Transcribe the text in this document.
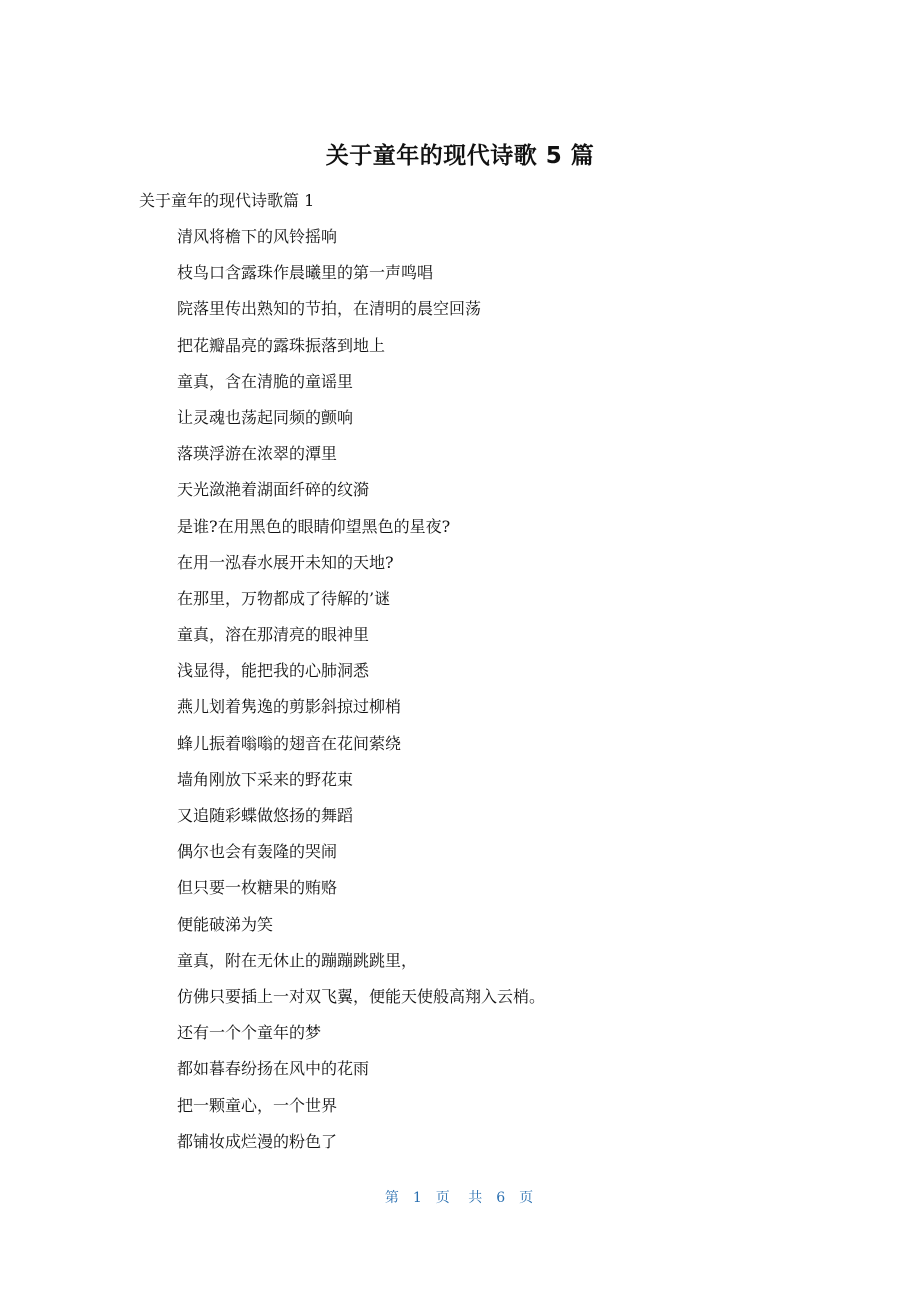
关于童年的现代诗歌 5 篇
关于童年的现代诗歌篇 1
清风将檐下的风铃摇响
枝鸟口含露珠作晨曦里的第一声鸣唱
院落里传出熟知的节拍，在清明的晨空回荡
把花瓣晶亮的露珠振落到地上
童真，含在清脆的童谣里
让灵魂也荡起同频的颤响
落瑛浮游在浓翠的潭里
天光潋滟着湖面纤碎的纹漪
是谁?在用黑色的眼睛仰望黑色的星夜?
在用一泓春水展开未知的天地?
在那里，万物都成了待解的’谜
童真，溶在那清亮的眼神里
浅显得，能把我的心肺洞悉
燕儿划着隽逸的剪影斜掠过柳梢
蜂儿振着嗡嗡的翅音在花间萦绕
墙角刚放下采来的野花束
又追随彩蝶做悠扬的舞蹈
偶尔也会有轰隆的哭闹
但只要一枚糖果的贿赂
便能破涕为笑
童真，附在无休止的蹦蹦跳跳里，
仿佛只要插上一对双飞翼，便能天使般高翔入云梢。
还有一个个童年的梦
都如暮春纷扬在风中的花雨
把一颗童心，一个世界
都铺妆成烂漫的粉色了
第 1 页 共 6 页
